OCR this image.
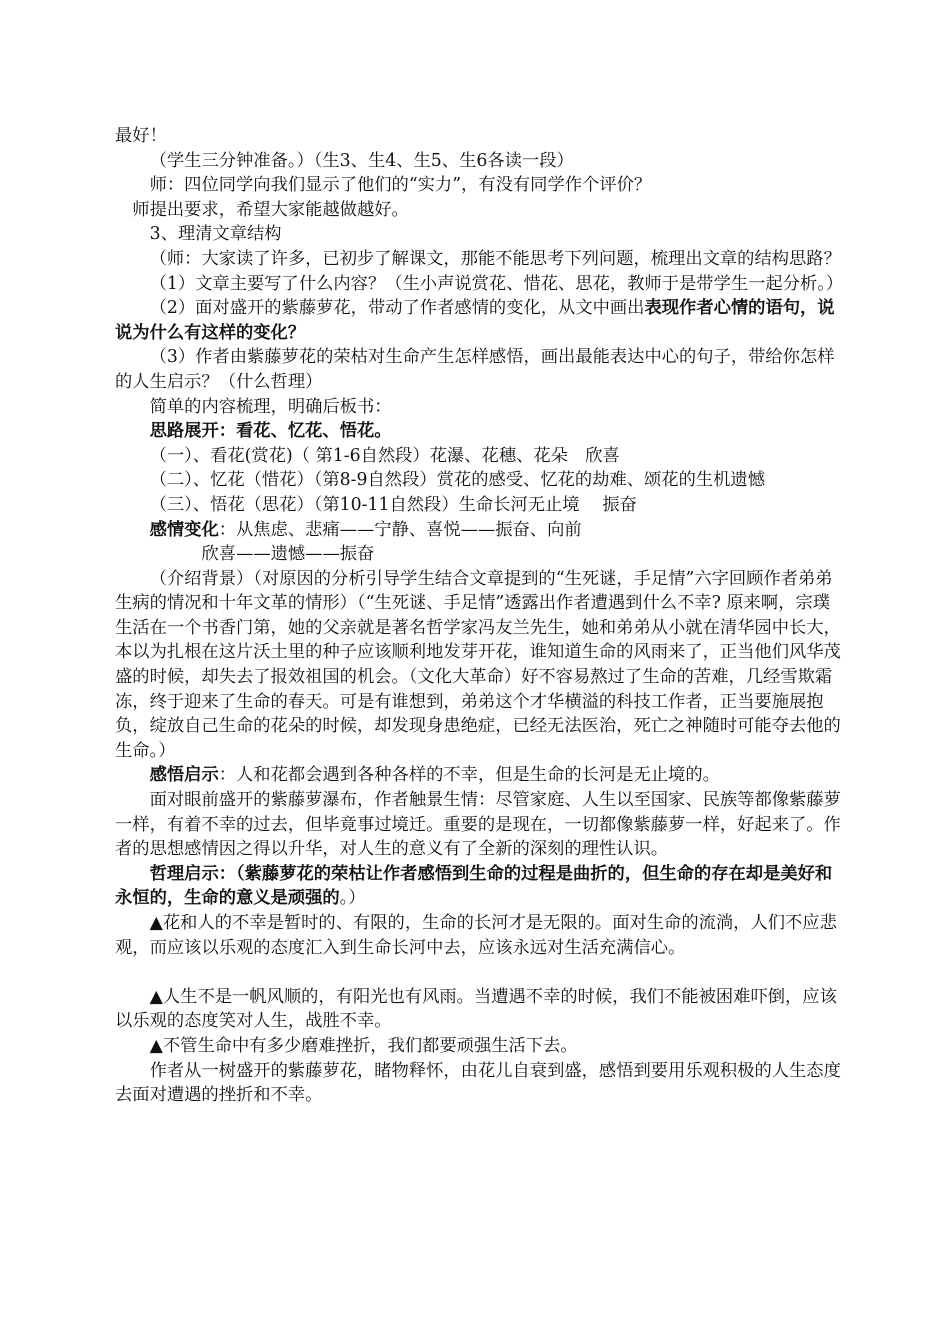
最好！

（学生三分钟准备。）（生3、生4、生5、生6各读一段）

师：四位同学向我们显示了他们的“实力”，有没有同学作个评价？

师提出要求，希望大家能越做越好。

3、理清文章结构

（师：大家读了许多，已初步了解课文，那能不能思考下列问题，梳理出文章的结构思路？

（1）文章主要写了什么内容？（生小声说赏花、惜花、思花，教师于是带学生一起分析。）

（2）面对盛开的紫藤萝花，带动了作者感情的变化，从文中画出表现作者心情的语句，说说为什么有这样的变化？

（3）作者由紫藤萝花的荣枯对生命产生怎样感悟，画出最能表达中心的句子，带给你怎样的人生启示？（什么哲理）

简单的内容梳理，明确后板书：

思路展开：看花、忆花、悟花。

（一）、看花(赏花)（ 第1-6自然段）花瀑、花穗、花朵　欣喜

（二）、忆花（惜花）（第8-9自然段）赏花的感受、忆花的劫难、颂花的生机遗憾

（三）、悟花（思花）（第10-11自然段）生命长河无止境　 振奋

感情变化：从焦虑、悲痛——宁静、喜悦——振奋、向前

欣喜——遗憾——振奋

（介绍背景）（对原因的分析引导学生结合文章提到的“生死谜，手足情”六字回顾作者弟弟生病的情况和十年文革的情形）（“生死谜、手足情”透露出作者遭遇到什么不幸? 原来啊，宗璞生活在一个书香门第，她的父亲就是著名哲学家冯友兰先生，她和弟弟从小就在清华园中长大，本以为扎根在这片沃土里的种子应该顺利地发芽开花，谁知道生命的风雨来了，正当他们风华茂盛的时候，却失去了报效祖国的机会。（文化大革命）好不容易熬过了生命的苦难，几经雪欺霜冻，终于迎来了生命的春天。可是有谁想到，弟弟这个才华横溢的科技工作者，正当要施展抱负，绽放自己生命的花朵的时候，却发现身患绝症，已经无法医治，死亡之神随时可能夺去他的生命。）

感悟启示：人和花都会遇到各种各样的不幸，但是生命的长河是无止境的。

面对眼前盛开的紫藤萝瀑布，作者触景生情：尽管家庭、人生以至国家、民族等都像紫藤萝一样，有着不幸的过去，但毕竟事过境迁。重要的是现在，一切都像紫藤萝一样，好起来了。作者的思想感情因之得以升华，对人生的意义有了全新的深刻的理性认识。

哲理启示：（紫藤萝花的荣枯让作者感悟到生命的过程是曲折的，但生命的存在却是美好和永恒的，生命的意义是顽强的。）

▲花和人的不幸是暂时的、有限的，生命的长河才是无限的。面对生命的流淌，人们不应悲观，而应该以乐观的态度汇入到生命长河中去，应该永远对生活充满信心。

▲人生不是一帆风顺的，有阳光也有风雨。当遭遇不幸的时候，我们不能被困难吓倒，应该以乐观的态度笑对人生，战胜不幸。

▲不管生命中有多少磨难挫折，我们都要顽强生活下去。

作者从一树盛开的紫藤萝花，睹物释怀，由花儿自衰到盛，感悟到要用乐观积极的人生态度去面对遭遇的挫折和不幸。
